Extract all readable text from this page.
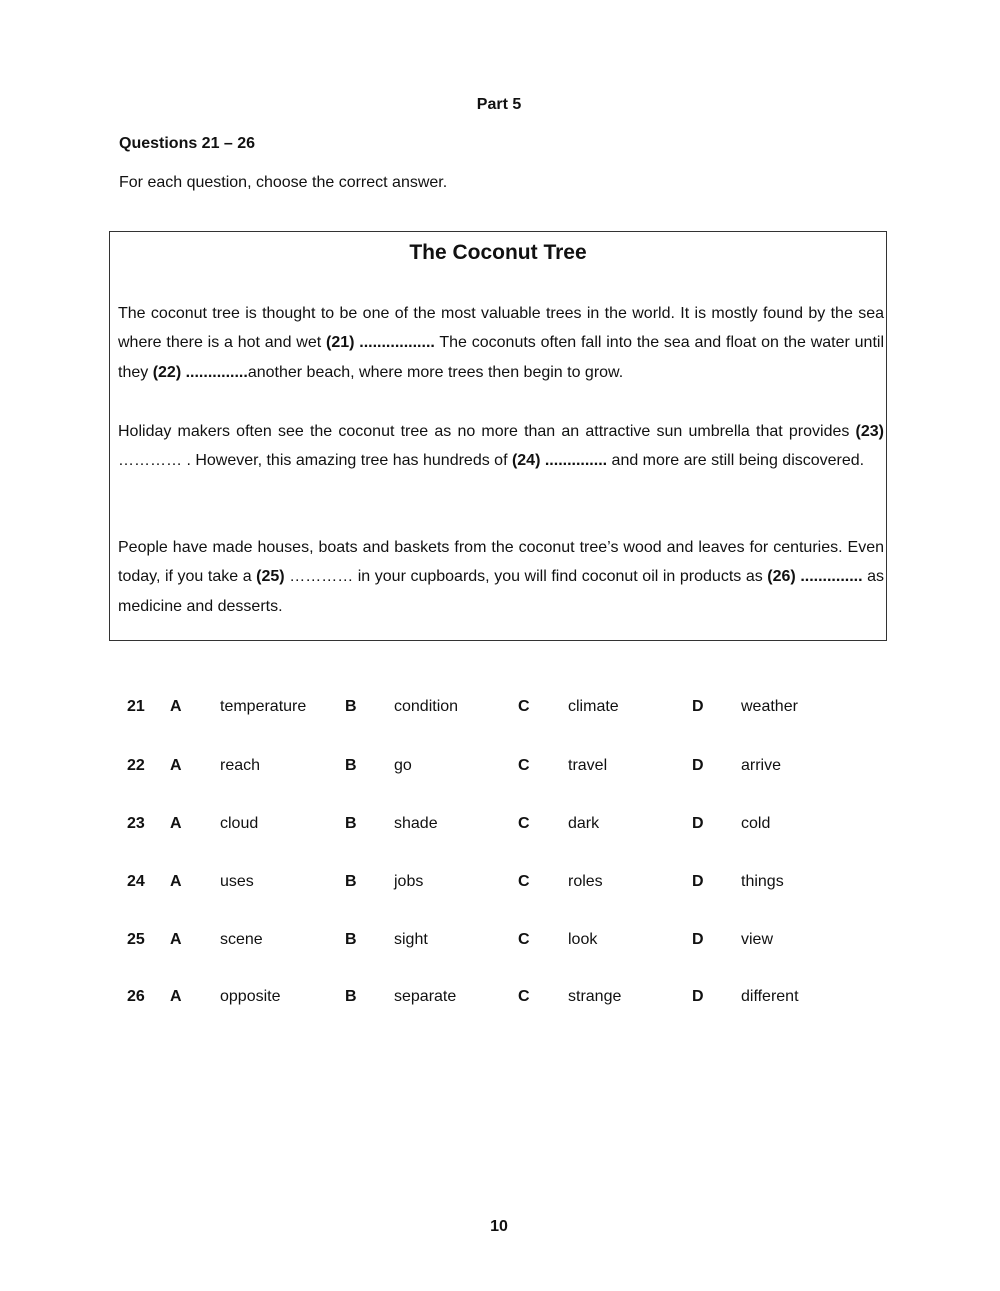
Part 5
Questions 21 – 26

For each question, choose the correct answer.

The Coconut Tree

The coconut tree is thought to be one of the most valuable trees in the world. It is mostly found by the sea where there is a hot and wet (21) ................. The coconuts often fall into the sea and float on the water until they (22) ..............another beach, where more trees then begin to grow.

Holiday makers often see the coconut tree as no more than an attractive sun umbrella that provides (23) ………… . However, this amazing tree has hundreds of (24) .............. and more are still being discovered.

People have made houses, boats and baskets from the coconut tree’s wood and leaves for centuries. Even today, if you take a (25) ………… in your cupboards, you will find coconut oil in products as (26) .............. as medicine and desserts.

21 A temperature B condition	C climate	D weather
22 A reach	B go	C travel	D arrive
23 A cloud	B shade	C dark	D cold
24 A uses	B jobs	C roles	D things
25 A scene	B sight	C look	D view
26 A opposite	B separate	C strange	D different

10
